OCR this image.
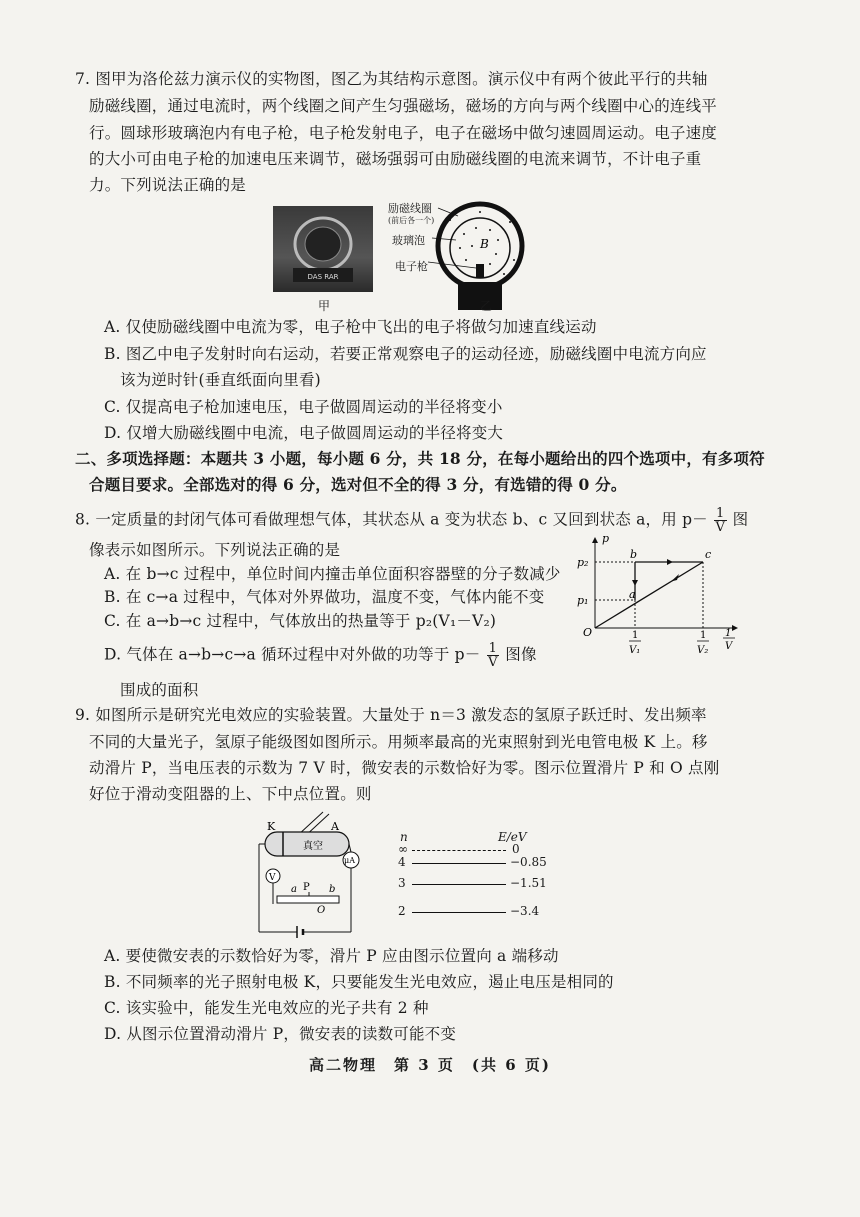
7. 图甲为洛伦兹力演示仪的实物图，图乙为其结构示意图。演示仪中有两个彼此平行的共轴
励磁线圈，通过电流时，两个线圈之间产生匀强磁场，磁场的方向与两个线圈中心的连线平
行。圆球形玻璃泡内有电子枪，电子枪发射电子，电子在磁场中做匀速圆周运动。电子速度
的大小可由电子枪的加速电压来调节，磁场强弱可由励磁线圈的电流来调节，不计电子重
力。下列说法正确的是
DAS RAR
甲
B
励磁线圈
(前后各一个)
玻璃泡
电子枪
乙
A. 仅使励磁线圈中电流为零，电子枪中飞出的电子将做匀加速直线运动
B. 图乙中电子发射时向右运动，若要正常观察电子的运动径迹，励磁线圈中电流方向应
该为逆时针(垂直纸面向里看)
C. 仅提高电子枪加速电压，电子做圆周运动的半径将变小
D. 仅增大励磁线圈中电流，电子做圆周运动的半径将变大
二、多项选择题：本题共 3 小题，每小题 6 分，共 18 分，在每小题给出的四个选项中，有多项符
合题目要求。全部选对的得 6 分，选对但不全的得 3 分，有选错的得 0 分。
8. 一定质量的封闭气体可看做理想气体，其状态从 a 变为状态 b、c 又回到状态 a，用 $p- \frac{1}{V}$ 图
像表示如图所示。下列说法正确的是
A. 在 b→c 过程中，单位时间内撞击单位面积容器壁的分子数减少
B. 在 c→a 过程中，气体对外界做功，温度不变，气体内能不变
C. 在 a→b→c 过程中，气体放出的热量等于 p₂(V₁－V₂)
D. 气体在 a→b→c→a 循环过程中对外做的功等于 $p- \frac{1}{V}$ 图像
围成的面积
p
1
V
O
p₂
p₁
b	c
a
1
V₁
1
V₂
9. 如图所示是研究光电效应的实验装置。大量处于 n＝3 激发态的氢原子跃迁时、发出频率
不同的大量光子，氢原子能级图如图所示。用频率最高的光束照射到光电管电极 K 上。移
动滑片 P，当电压表的示数为 7 V 时，微安表的示数恰好为零。图示位置滑片 P 和 O 点刚
好位于滑动变阻器的上、下中点位置。则
K	A
真空
μA
V
a P b
O
n	E/eV
∞	0
4	−0.85
3	−1.51
2	−3.4
A. 要使微安表的示数恰好为零，滑片 P 应由图示位置向 a 端移动
B. 不同频率的光子照射电极 K，只要能发生光电效应，遏止电压是相同的
C. 该实验中，能发生光电效应的光子共有 2 种
D. 从图示位置滑动滑片 P，微安表的读数可能不变
高二物理　第 3 页　(共 6 页)
